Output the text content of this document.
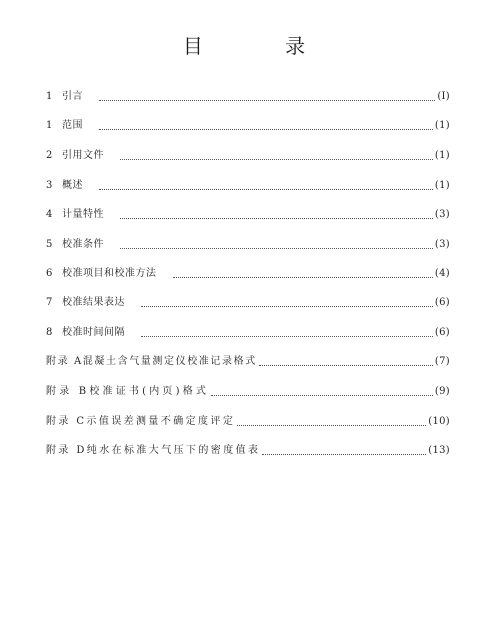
目 录
1 引言	(I)
1 范围	(1)
2 引用文件	(1)
3 概述	(1)
4 计量特性	(3)
5 校准条件	(3)
6 校准项目和校准方法	(4)
7 校准结果表达	(6)
8 校准时间间隔	(6)
附录 A混凝土含气量测定仪校准记录格式	(7)
附录 B校准证书(内页)格式	(9)
附录 C示值误差测量不确定度评定	(10)
附录 D纯水在标准大气压下的密度值表	(13)
